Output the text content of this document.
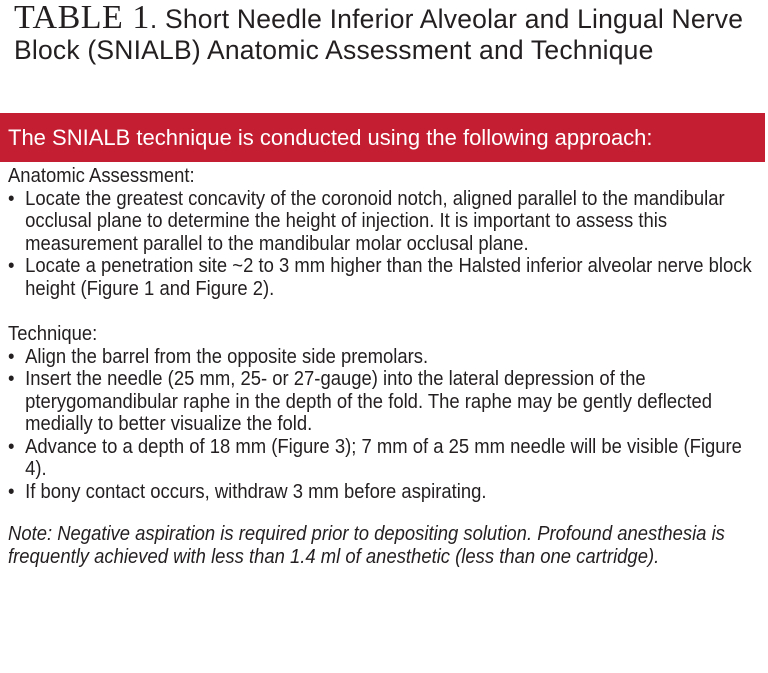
TABLE 1. Short Needle Inferior Alveolar and Lingual Nerve Block (SNIALB) Anatomic Assessment and Technique
The SNIALB technique is conducted using the following approach:

Anatomic Assessment:

• Locate the greatest concavity of the coronoid notch, aligned parallel to the mandibular occlusal plane to determine the height of injection. It is important to assess this measurement parallel to the mandibular molar occlusal plane.
• Locate a penetration site ~2 to 3 mm higher than the Halsted inferior alveolar nerve block height (Figure 1 and Figure 2).

Technique:

• Align the barrel from the opposite side premolars.
• Insert the needle (25 mm, 25- or 27-gauge) into the lateral depression of the pterygomandibular raphe in the depth of the fold. The raphe may be gently deflected medially to better visualize the fold.
• Advance to a depth of 18 mm (Figure 3); 7 mm of a 25 mm needle will be visible (Figure 4).
• If bony contact occurs, withdraw 3 mm before aspirating.

Note: Negative aspiration is required prior to depositing solution. Profound anesthesia is frequently achieved with less than 1.4 ml of anesthetic (less than one cartridge).
